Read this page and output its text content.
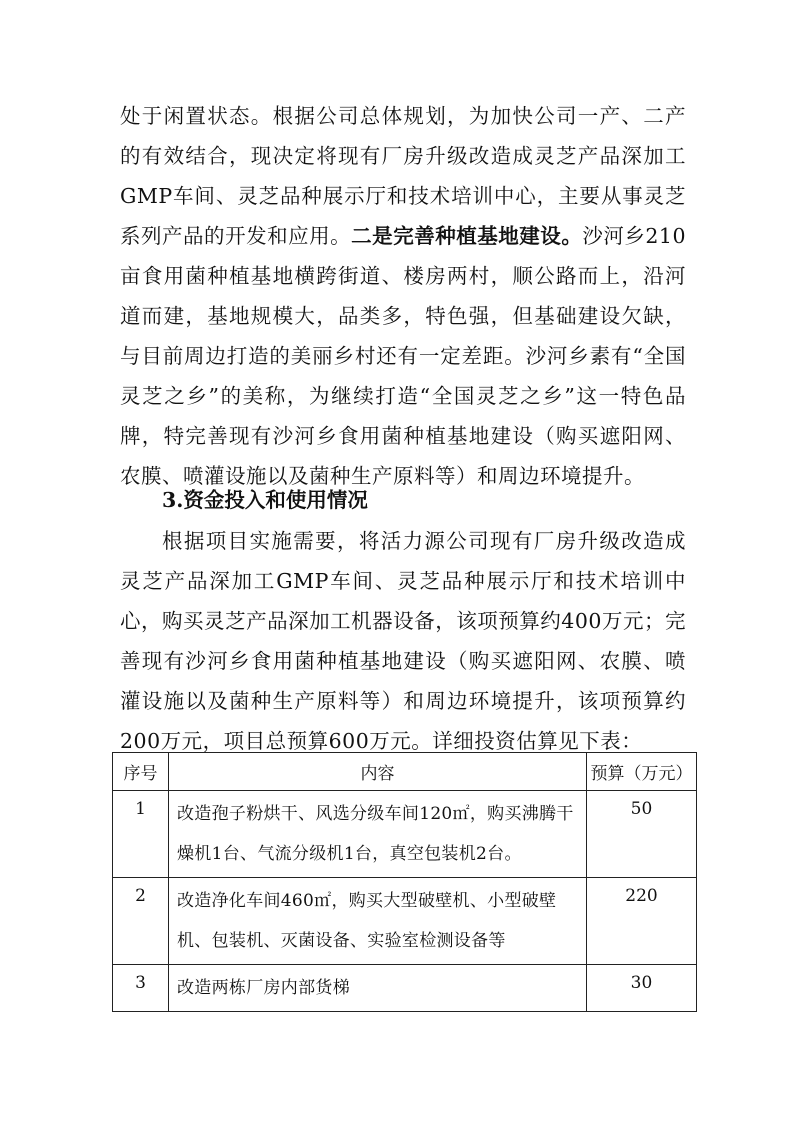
处于闲置状态。根据公司总体规划，为加快公司一产、二产的有效结合，现决定将现有厂房升级改造成灵芝产品深加工GMP车间、灵芝品种展示厅和技术培训中心，主要从事灵芝系列产品的开发和应用。二是完善种植基地建设。沙河乡210亩食用菌种植基地横跨街道、楼房两村，顺公路而上，沿河道而建，基地规模大，品类多，特色强，但基础建设欠缺，与目前周边打造的美丽乡村还有一定差距。沙河乡素有“全国灵芝之乡”的美称，为继续打造“全国灵芝之乡”这一特色品牌，特完善现有沙河乡食用菌种植基地建设（购买遮阳网、农膜、喷灌设施以及菌种生产原料等）和周边环境提升。

3.资金投入和使用情况

根据项目实施需要，将活力源公司现有厂房升级改造成灵芝产品深加工GMP车间、灵芝品种展示厅和技术培训中心，购买灵芝产品深加工机器设备，该项预算约400万元；完善现有沙河乡食用菌种植基地建设（购买遮阳网、农膜、喷灌设施以及菌种生产原料等）和周边环境提升，该项预算约200万元，项目总预算600万元。详细投资估算见下表：

序号	内容	预算（万元）
1	改造孢子粉烘干、风选分级车间120㎡，购买沸腾干燥机1台、气流分级机1台，真空包装机2台。	50
2	改造净化车间460㎡，购买大型破壁机、小型破壁机、包装机、灭菌设备、实验室检测设备等	220
3	改造两栋厂房内部货梯	30
